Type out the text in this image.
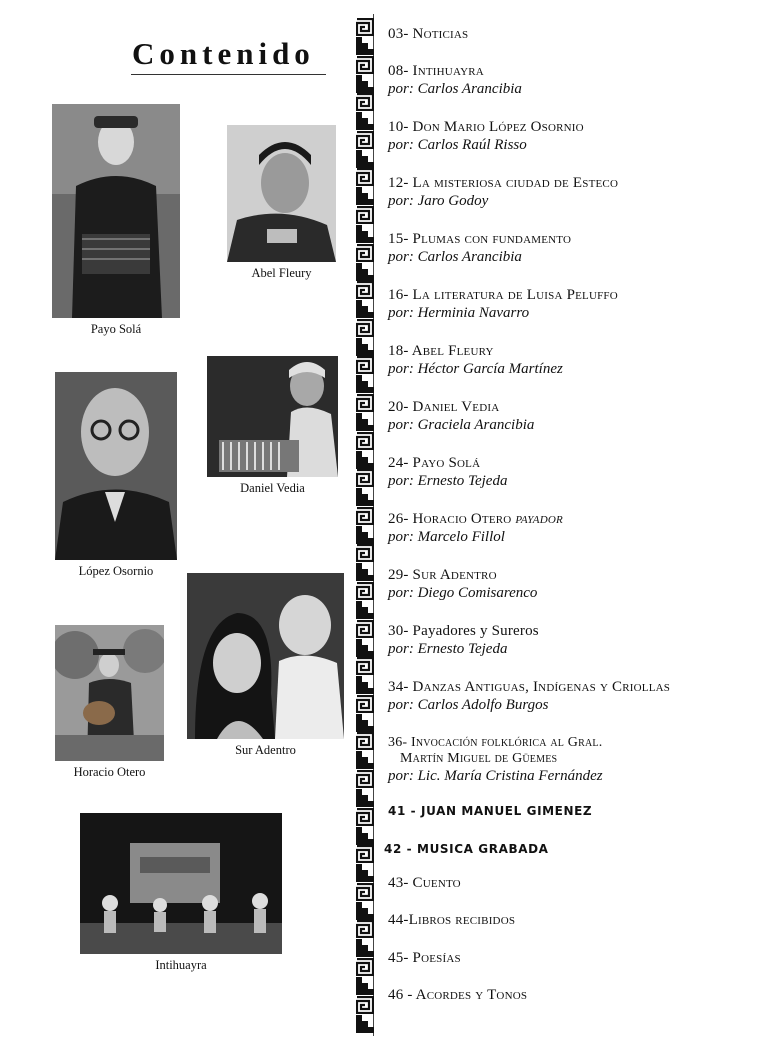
Contenido
Payo Solá
Abel Fleury
López Osornio
Daniel Vedia
Horacio Otero
Sur Adentro
Intihuayra
03- Noticias
08- Intihuayra
por: Carlos Arancibia
10- Don Mario López Osornio
por: Carlos Raúl Risso
12- La misteriosa ciudad de Esteco
por: Jaro Godoy
15- Plumas con fundamento
por: Carlos Arancibia
16- La literatura de Luisa Peluffo
por: Herminia Navarro
18- Abel Fleury
por: Héctor García Martínez
20- Daniel Vedia
por: Graciela Arancibia
24- Payo Solá
por: Ernesto Tejeda
26- Horacio Otero payador
por: Marcelo Fillol
29- Sur Adentro
por: Diego Comisarenco
30- Payadores y Sureros
por: Ernesto Tejeda
34- Danzas Antiguas, Indígenas y Criollas
por: Carlos Adolfo Burgos
36- Invocación folklórica al Gral.
Martín Miguel de Güemes
por: Lic. María Cristina Fernández
41 - JUAN MANUEL GIMENEZ
42 - MUSICA GRABADA
43- Cuento
44-Libros recibidos
45- Poesías
46 - Acordes y Tonos
